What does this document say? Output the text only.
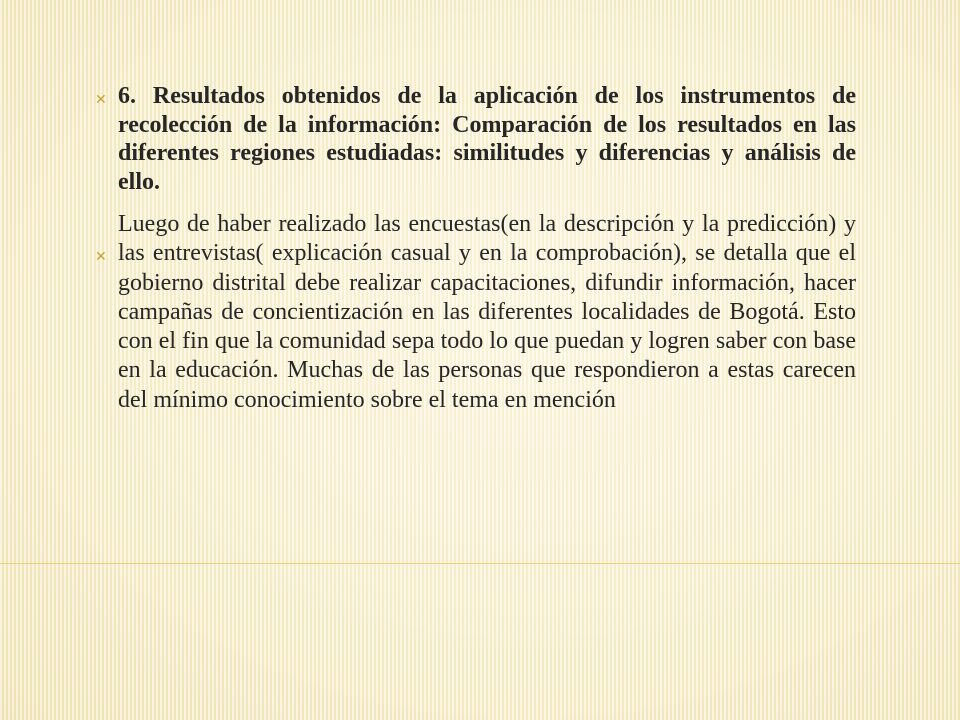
✕
✕

6. Resultados obtenidos de la aplicación de los instrumentos de recolección de la información: Comparación de los resultados en las diferentes regiones estudiadas: similitudes y diferencias y análisis de ello.

Luego de haber realizado las encuestas(en la descripción y la predicción) y las entrevistas( explicación casual y en la comprobación), se detalla que el gobierno distrital debe realizar capacitaciones, difundir información, hacer campañas de concientización en las diferentes localidades de Bogotá. Esto con el fin que la comunidad sepa todo lo que puedan y logren saber con base en la educación. Muchas de las personas que respondieron a estas carecen del mínimo conocimiento sobre el tema en mención
